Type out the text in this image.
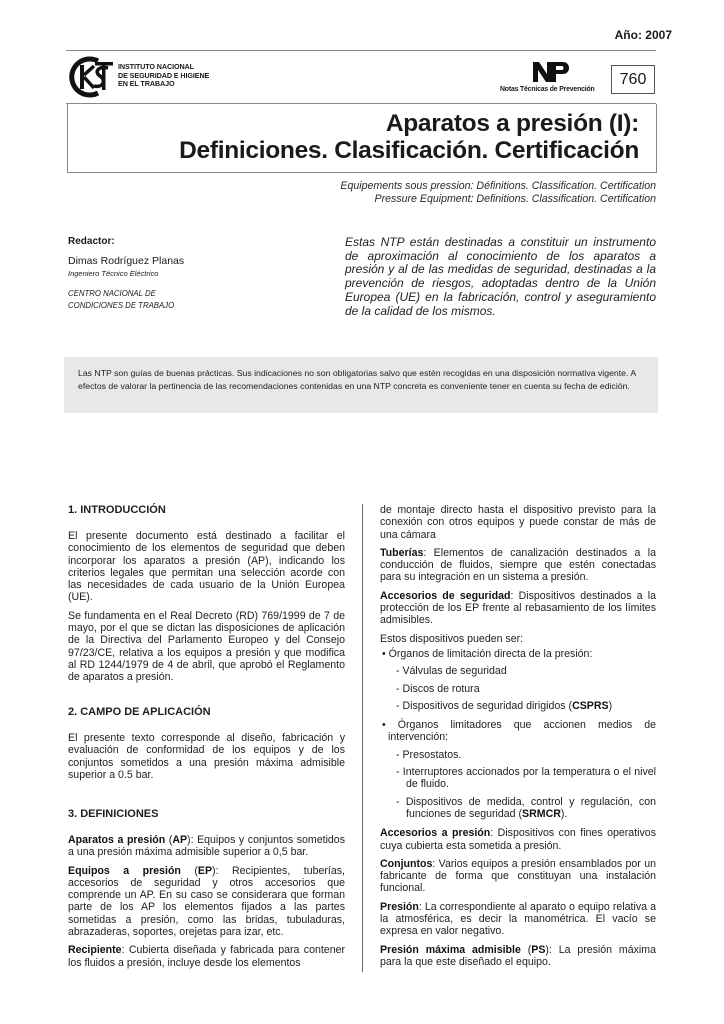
Año: 2007
INSTITUTO NACIONAL
DE SEGURIDAD E HIGIENE
EN EL TRABAJO
Notas Técnicas de Prevención
760
Aparatos a presión (I):
Definiciones. Clasificación. Certificación
Equipements sous pression: Définitions. Classification. Certification
Pressure Equipment: Definitions. Classification. Certification
Redactor:
Dimas Rodríguez Planas
Ingeniero Técnico Eléctrico
CENTRO NACIONAL DE
CONDICIONES DE TRABAJO
Estas NTP están destinadas a constituir un instrumento de aproximación al conocimiento de los aparatos a presión y al de las medidas de seguridad, destinadas a la prevención de riesgos, adoptadas dentro de la Unión Europea (UE) en la fabricación, control y aseguramiento de la calidad de los mismos.
Las NTP son guías de buenas prácticas. Sus indicaciones no son obligatorias salvo que estén recogidas en una disposición normativa vigente. A efectos de valorar la pertinencia de las recomendaciones contenidas en una NTP concreta es conveniente tener en cuenta su fecha de edición.
1. INTRODUCCIÓN

El presente documento está destinado a facilitar el conocimiento de los elementos de seguridad que deben incorporar los aparatos a presión (AP), indicando los criterios legales que permitan una selección acorde con las necesidades de cada usuario de la Unión Europea (UE).

Se fundamenta en el Real Decreto (RD) 769/1999 de 7 de mayo, por el que se dictan las disposiciones de aplicación de la Directiva del Parlamento Europeo y del Consejo 97/23/CE, relativa a los equipos a presión y que modifica al RD 1244/1979 de 4 de abril, que aprobó el Reglamento de aparatos a presión.

2. CAMPO DE APLICACIÓN

El presente texto corresponde al diseño, fabricación y evaluación de conformidad de los equipos y de los conjuntos sometidos a una presión máxima admisible superior a 0.5 bar.

3. DEFINICIONES

Aparatos a presión (AP): Equipos y conjuntos sometidos a una presión máxima admisible superior a 0,5 bar.

Equipos a presión (EP): Recipientes, tuberías, accesorios de seguridad y otros accesorios que comprende un AP. En su caso se considerara que forman parte de los AP los elementos fijados a las partes sometidas a presión, como las bridas, tubuladuras, abrazaderas, soportes, orejetas para izar, etc.

Recipiente: Cubierta diseñada y fabricada para contener los fluidos a presión, incluye desde los elementos

de montaje directo hasta el dispositivo previsto para la conexión con otros equipos y puede constar de más de una cámara

Tuberías: Elementos de canalización destinados a la conducción de fluidos, siempre que estén conectadas para su integración en un sistema a presión.

Accesorios de seguridad: Dispositivos destinados a la protección de los EP frente al rebasamiento de los límites admisibles.

Estos dispositivos pueden ser:

• Órganos de limitación directa de la presión:
- Válvulas de seguridad
- Discos de rotura
- Dispositivos de seguridad dirigidos (CSPRS)
• Órganos limitadores que accionen medios de intervención:
- Presostatos.
- Interruptores accionados por la temperatura o el nivel de fluido.
- Dispositivos de medida, control y regulación, con funciones de seguridad (SRMCR).

Accesorios a presión: Dispositivos con fines operativos cuya cubierta esta sometida a presión.

Conjuntos: Varios equipos a presión ensamblados por un fabricante de forma que constituyan una instalación funcional.

Presión: La correspondiente al aparato o equipo relativa a la atmosférica, es decir la manométrica. El vacío se expresa en valor negativo.

Presión máxima admisible (PS): La presión máxima para la que este diseñado el equipo.
